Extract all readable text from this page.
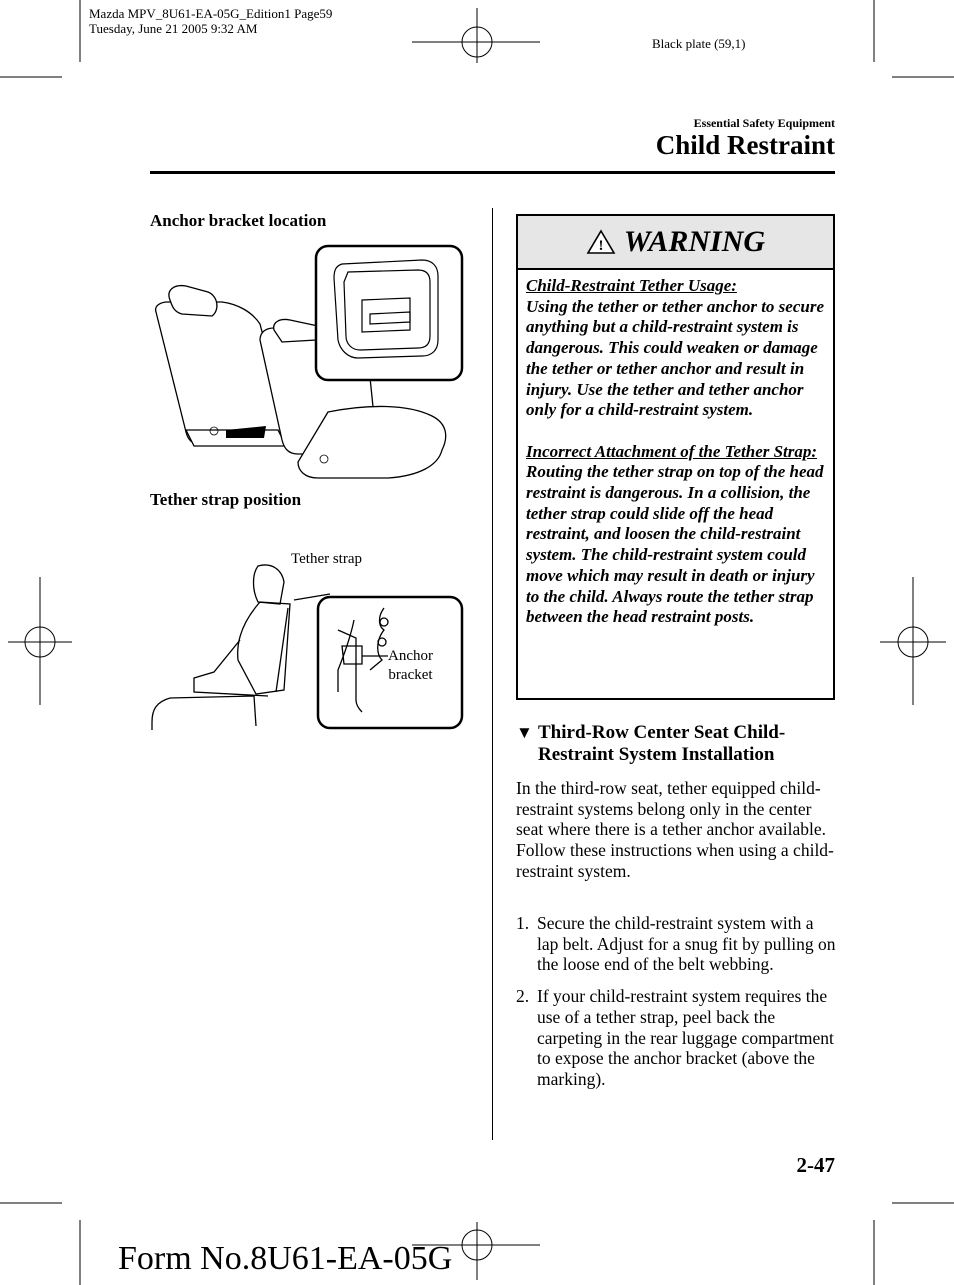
Mazda MPV_8U61-EA-05G_Edition1 Page59
Tuesday, June 21 2005 9:32 AM
Black plate (59,1)
Essential Safety Equipment
Child Restraint
Anchor bracket location
Tether strap position
Tether strap
Anchor
bracket
! WARNING
Child-Restraint Tether Usage:
Using the tether or tether anchor to secure anything but a child-restraint system is dangerous. This could weaken or damage the tether or tether anchor and result in injury. Use the tether and tether anchor only for a child-restraint system.
Incorrect Attachment of the Tether Strap:
Routing the tether strap on top of the head restraint is dangerous. In a collision, the tether strap could slide off the head restraint, and loosen the child-restraint system. The child-restraint system could move which may result in death or injury to the child. Always route the tether strap between the head restraint posts.
▼ Third-Row Center Seat Child-Restraint System Installation
In the third-row seat, tether equipped child-restraint systems belong only in the center seat where there is a tether anchor available.
Follow these instructions when using a child-restraint system.
1. Secure the child-restraint system with a lap belt. Adjust for a snug fit by pulling on the loose end of the belt webbing.
2. If your child-restraint system requires the use of a tether strap, peel back the carpeting in the rear luggage compartment to expose the anchor bracket (above the marking).
2-47
Form No.8U61-EA-05G
